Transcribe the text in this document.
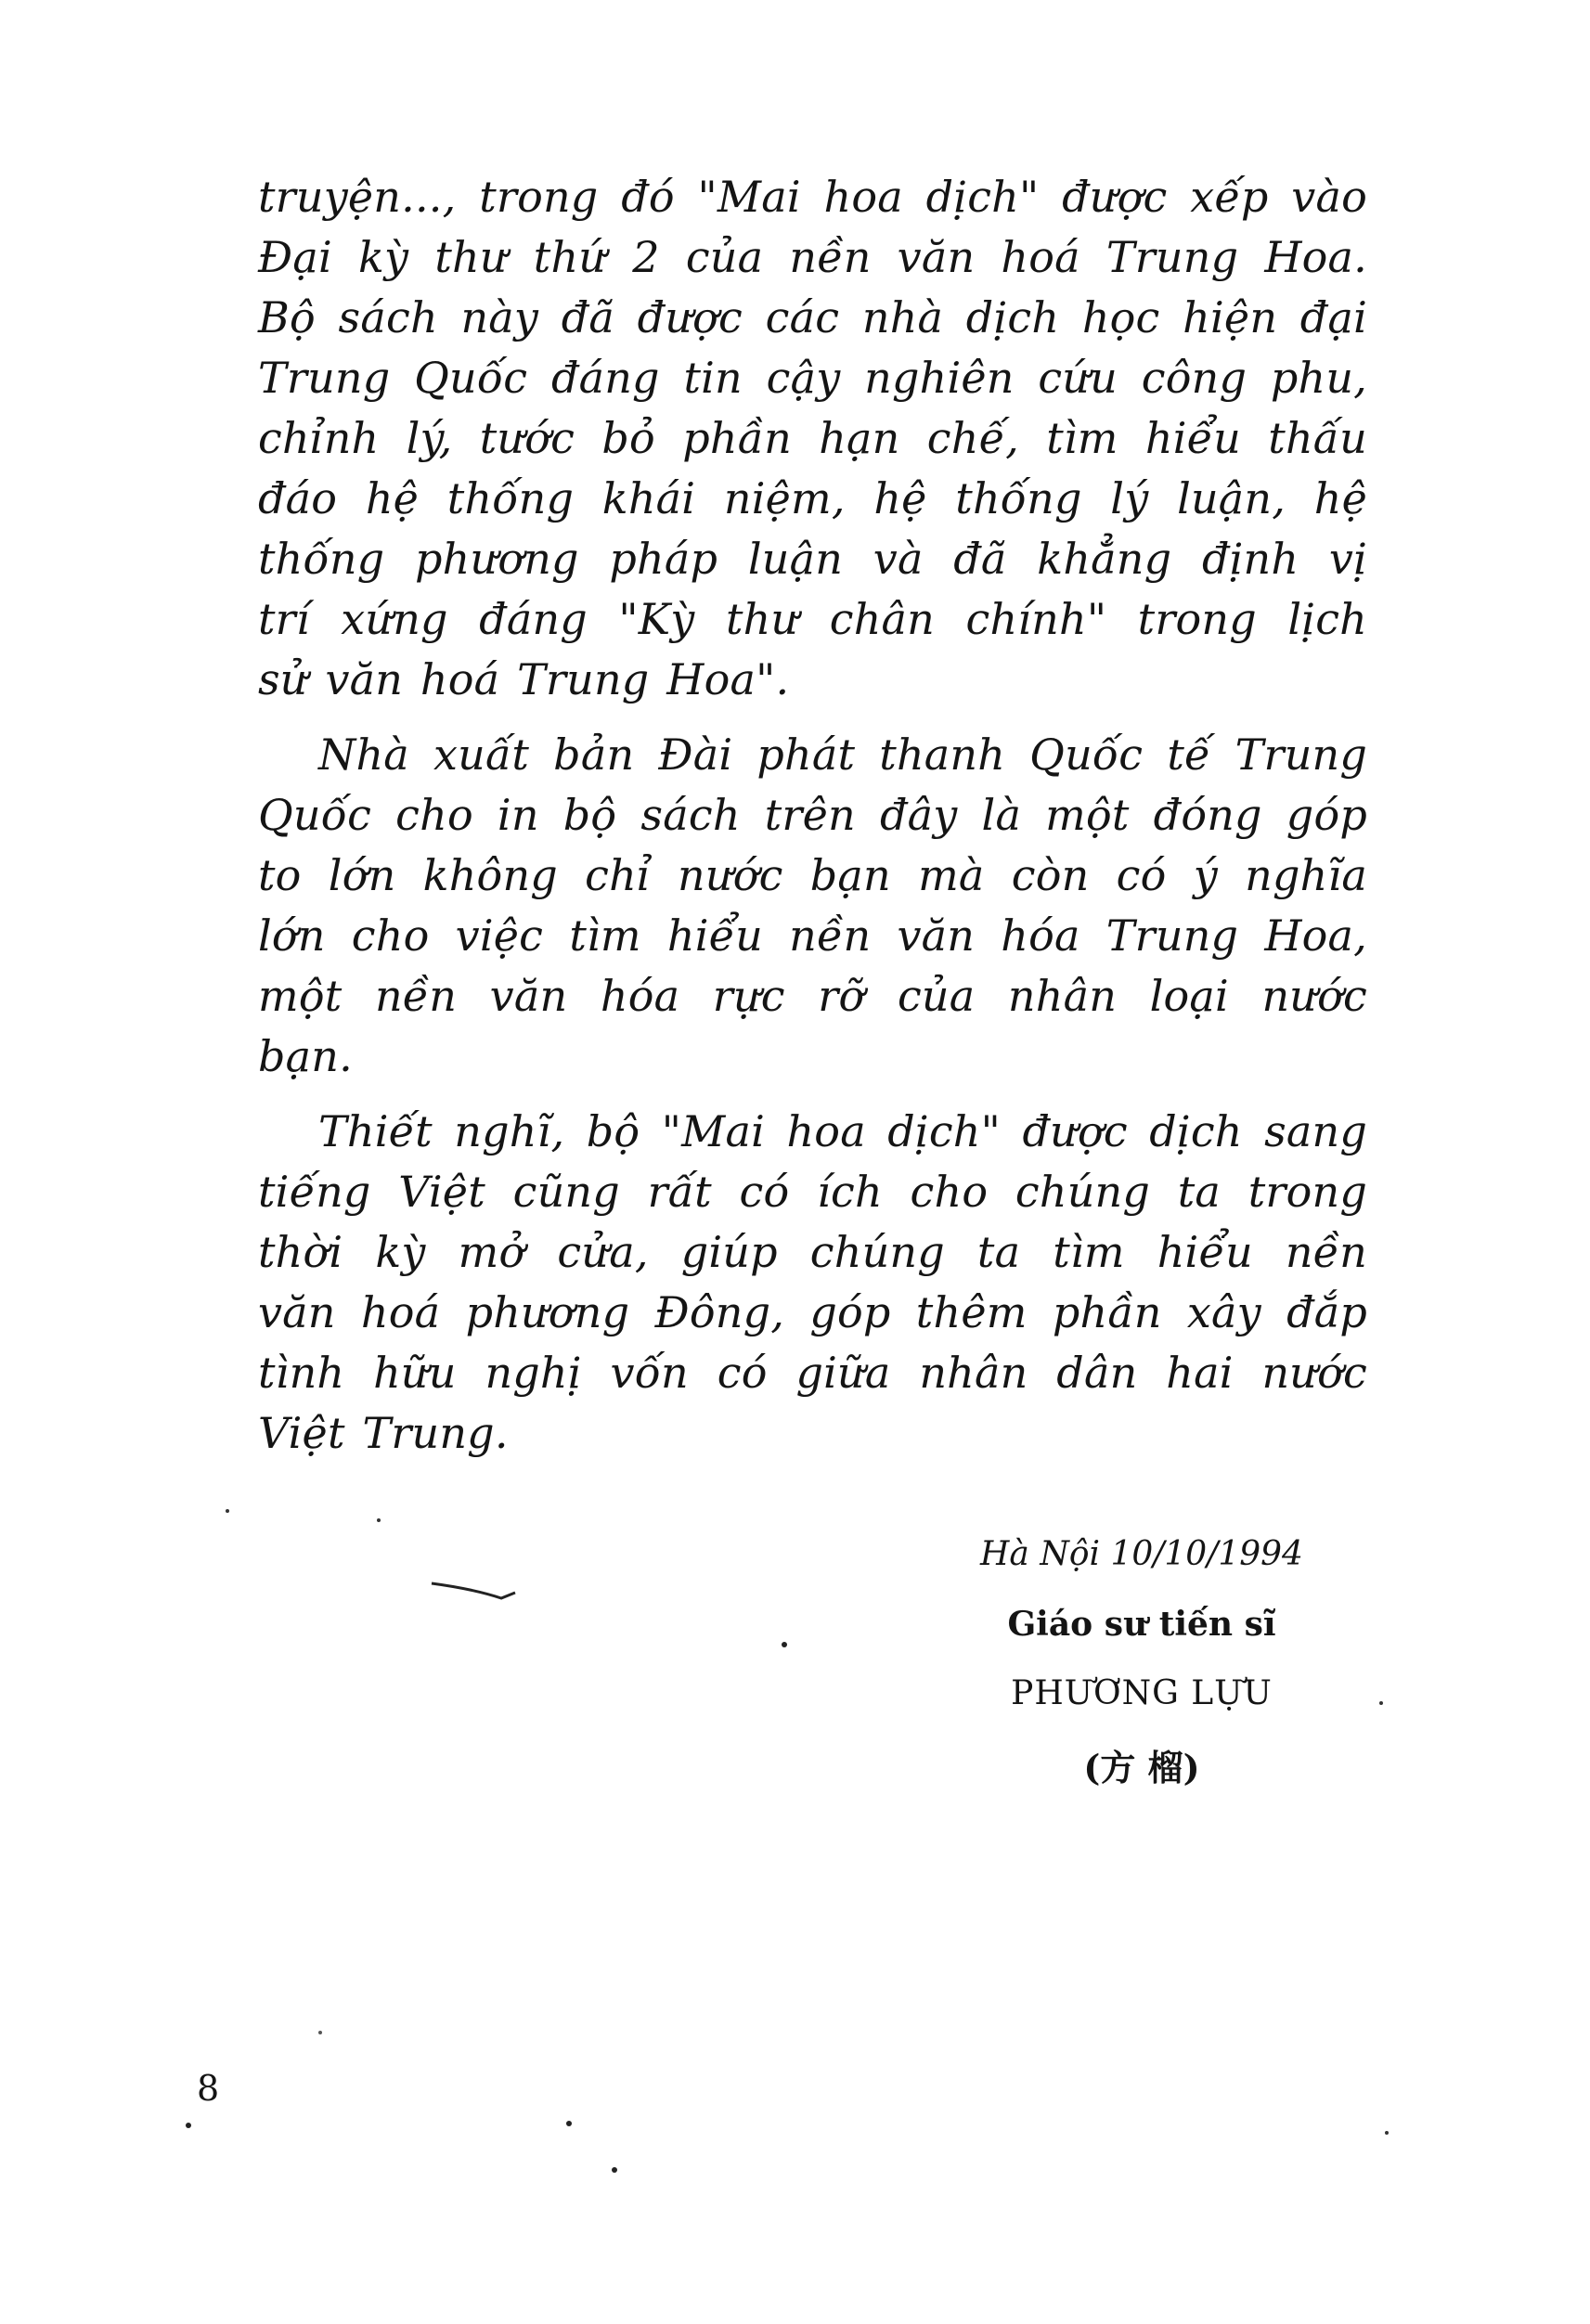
truyện..., trong đó "Mai hoa dịch" được xếp vào
Đại kỳ thư thứ 2 của nền văn hoá Trung Hoa.
Bộ sách này đã được các nhà dịch học hiện đại
Trung Quốc đáng tin cậy nghiên cứu công phu,
chỉnh lý, tước bỏ phần hạn chế, tìm hiểu thấu
đáo hệ thống khái niệm, hệ thống lý luận, hệ
thống phương pháp luận và đã khẳng định vị
trí xứng đáng "Kỳ thư chân chính" trong lịch
sử văn hoá Trung Hoa".

Nhà xuất bản Đài phát thanh Quốc tế Trung
Quốc cho in bộ sách trên đây là một đóng góp
to lớn không chỉ nước bạn mà còn có ý nghĩa
lớn cho việc tìm hiểu nền văn hóa Trung Hoa,
một nền văn hóa rực rỡ của nhân loại nước
bạn.

Thiết nghĩ, bộ "Mai hoa dịch" được dịch sang
tiếng Việt cũng rất có ích cho chúng ta trong
thời kỳ mở cửa, giúp chúng ta tìm hiểu nền
văn hoá phương Đông, góp thêm phần xây đắp
tình hữu nghị vốn có giữa nhân dân hai nước
Việt Trung.

Hà Nội 10/10/1994
Giáo sư tiến sĩ
PHƯƠNG LỰU
(方 榴)
8
